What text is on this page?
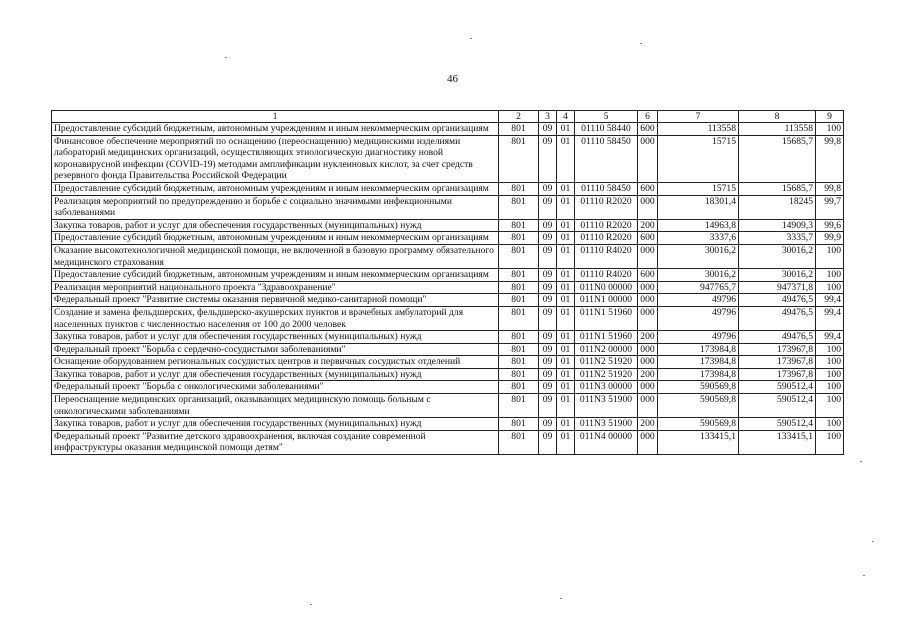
46
1	2	3	4	5	6	7	8	9
Предоставление субсидий бюджетным, автономным учреждениям и иным некоммерческим организациям	801	09	01	01110 58440	600	113558	113558	100
Финансовое обеспечение мероприятий по оснащению (переоснащению) медицинскими изделиями лабораторий медицинских организаций, осуществляющих этиологическую диагностику новой коронавирусной инфекции (COVID-19) методами амплификации нуклеиновых кислот, за счет средств резервного фонда Правительства Российской Федерации	801	09	01	01110 58450	000	15715	15685,7	99,8
Предоставление субсидий бюджетным, автономным учреждениям и иным некоммерческим организациям	801	09	01	01110 58450	600	15715	15685,7	99,8
Реализация мероприятий по предупреждению и борьбе с социально значимыми инфекционными заболеваниями	801	09	01	01110 R2020	000	18301,4	18245	99,7
Закупка товаров, работ и услуг для обеспечения государственных (муниципальных) нужд	801	09	01	01110 R2020	200	14963,8	14909,3	99,6
Предоставление субсидий бюджетным, автономным учреждениям и иным некоммерческим организациям	801	09	01	01110 R2020	600	3337,6	3335,7	99,9
Оказание высокотехнологичной медицинской помощи, не включенной в базовую программу обязательного медицинского страхования	801	09	01	01110 R4020	000	30016,2	30016,2	100
Предоставление субсидий бюджетным, автономным учреждениям и иным некоммерческим организациям	801	09	01	01110 R4020	600	30016,2	30016,2	100
Реализация мероприятий национального проекта "Здравоохранение"	801	09	01	011N0 00000	000	947765,7	947371,8	100
Федеральный проект "Развитие системы оказания первичной медико-санитарной помощи"	801	09	01	011N1 00000	000	49796	49476,5	99,4
Создание и замена фельдшерских, фельдшерско-акушерских пунктов и врачебных амбулаторий для населенных пунктов с численностью населения от 100 до 2000 человек	801	09	01	011N1 51960	000	49796	49476,5	99,4
Закупка товаров, работ и услуг для обеспечения государственных (муниципальных) нужд	801	09	01	011N1 51960	200	49796	49476,5	99,4
Федеральный проект "Борьба с сердечно-сосудистыми заболеваниями"	801	09	01	011N2 00000	000	173984,8	173967,8	100
Оснащение оборудованием региональных сосудистых центров и первичных сосудистых отделений	801	09	01	011N2 51920	000	173984,8	173967,8	100
Закупка товаров, работ и услуг для обеспечения государственных (муниципальных) нужд	801	09	01	011N2 51920	200	173984,8	173967,8	100
Федеральный проект "Борьба с онкологическими заболеваниями"	801	09	01	011N3 00000	000	590569,8	590512,4	100
Переоснащение медицинских организаций, оказывающих медицинскую помощь больным с онкологическими заболеваниями	801	09	01	011N3 51900	000	590569,8	590512,4	100
Закупка товаров, работ и услуг для обеспечения государственных (муниципальных) нужд	801	09	01	011N3 51900	200	590569,8	590512,4	100
Федеральный проект "Развитие детского здравоохранения, включая создание современной инфраструктуры оказания медицинской помощи детям"	801	09	01	011N4 00000	000	133415,1	133415,1	100
